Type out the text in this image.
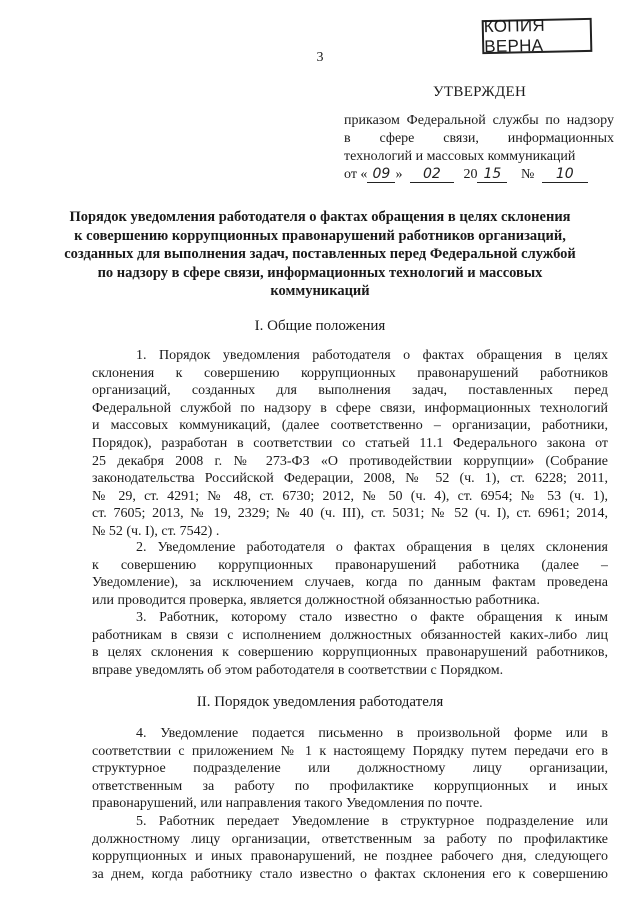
КОПИЯ ВЕРНА
3
УТВЕРЖДЕН
приказом Федеральной службы по надзору
в сфере связи, информационных
технологий и массовых коммуникаций
от « 09 » 02 20 15 № 10
Порядок уведомления работодателя о фактах обращения в целях склонения
к совершению коррупционных правонарушений работников организаций,
созданных для выполнения задач, поставленных перед Федеральной службой
по надзору в сфере связи, информационных технологий и массовых
коммуникаций
I. Общие положения
1. Порядок уведомления работодателя о фактах обращения в целях
склонения к совершению коррупционных правонарушений работников
организаций, созданных для выполнения задач, поставленных перед
Федеральной службой по надзору в сфере связи, информационных технологий
и массовых коммуникаций, (далее соответственно – организации, работники,
Порядок), разработан в соответствии со статьей 11.1 Федерального закона от
25 декабря 2008 г. № 273-ФЗ «О противодействии коррупции» (Собрание
законодательства Российской Федерации, 2008, № 52 (ч. 1), ст. 6228; 2011,
№ 29, ст. 4291; № 48, ст. 6730; 2012, № 50 (ч. 4), ст. 6954; № 53 (ч. 1),
ст. 7605; 2013, № 19, 2329; № 40 (ч. III), ст. 5031; № 52 (ч. I), ст. 6961; 2014,
№ 52 (ч. I), ст. 7542) .
2. Уведомление работодателя о фактах обращения в целях склонения
к совершению коррупционных правонарушений работника (далее –
Уведомление), за исключением случаев, когда по данным фактам проведена
или проводится проверка, является должностной обязанностью работника.
3. Работник, которому стало известно о факте обращения к иным
работникам в связи с исполнением должностных обязанностей каких-либо лиц
в целях склонения к совершению коррупционных правонарушений работников,
вправе уведомлять об этом работодателя в соответствии с Порядком.
II. Порядок уведомления работодателя
4. Уведомление подается письменно в произвольной форме или в
соответствии с приложением № 1 к настоящему Порядку путем передачи его в
структурное подразделение или должностному лицу организации,
ответственным за работу по профилактике коррупционных и иных
правонарушений, или направления такого Уведомления по почте.
5. Работник передает Уведомление в структурное подразделение или
должностному лицу организации, ответственным за работу по профилактике
коррупционных и иных правонарушений, не позднее рабочего дня, следующего
за днем, когда работнику стало известно о фактах склонения его к совершению
